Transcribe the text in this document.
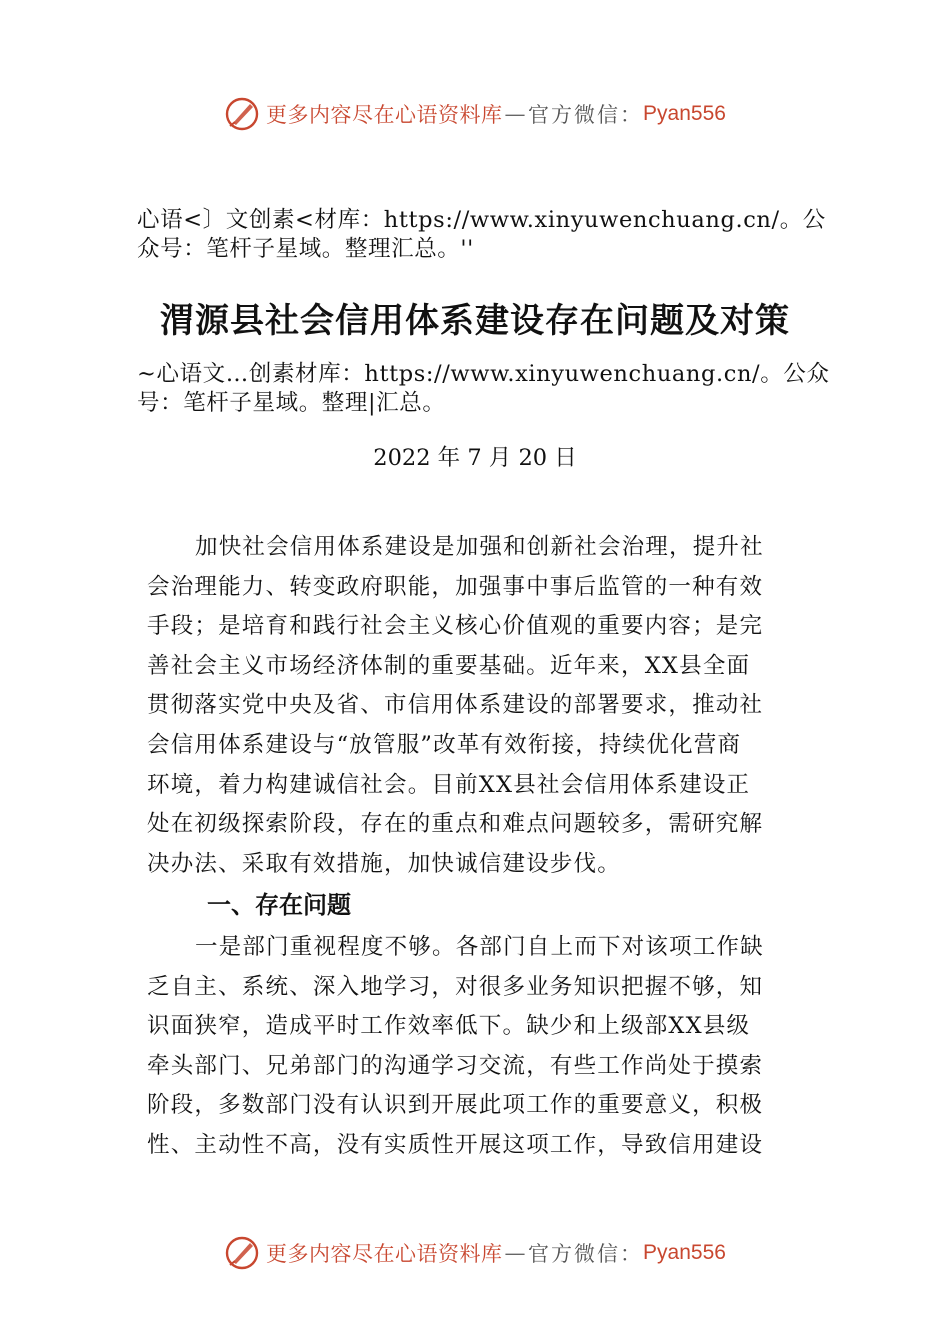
更多内容尽在心语资料库 — 官方微信： Pyan556
心语<〕文创素<材库：https://www.xinyuwenchuang.cn/。公
众号：笔杆子星域。整理汇总。''
渭源县社会信用体系建设存在问题及对策
~心语文…创素材库：https://www.xinyuwenchuang.cn/。公众
号：笔杆子星域。整理|汇总。
2022 年 7 月 20 日
加快社会信用体系建设是加强和创新社会治理，提升社
会治理能力、转变政府职能，加强事中事后监管的一种有效
手段；是培育和践行社会主义核心价值观的重要内容；是完
善社会主义市场经济体制的重要基础。近年来，XX县全面
贯彻落实党中央及省、市信用体系建设的部署要求，推动社
会信用体系建设与“放管服”改革有效衔接，持续优化营商
环境，着力构建诚信社会。目前XX县社会信用体系建设正
处在初级探索阶段，存在的重点和难点问题较多，需研究解
决办法、采取有效措施，加快诚信建设步伐。
一、存在问题
一是部门重视程度不够。各部门自上而下对该项工作缺
乏自主、系统、深入地学习，对很多业务知识把握不够，知
识面狭窄，造成平时工作效率低下。缺少和上级部XX县级
牵头部门、兄弟部门的沟通学习交流，有些工作尚处于摸索
阶段，多数部门没有认识到开展此项工作的重要意义，积极
性、主动性不高，没有实质性开展这项工作，导致信用建设
更多内容尽在心语资料库 — 官方微信： Pyan556
